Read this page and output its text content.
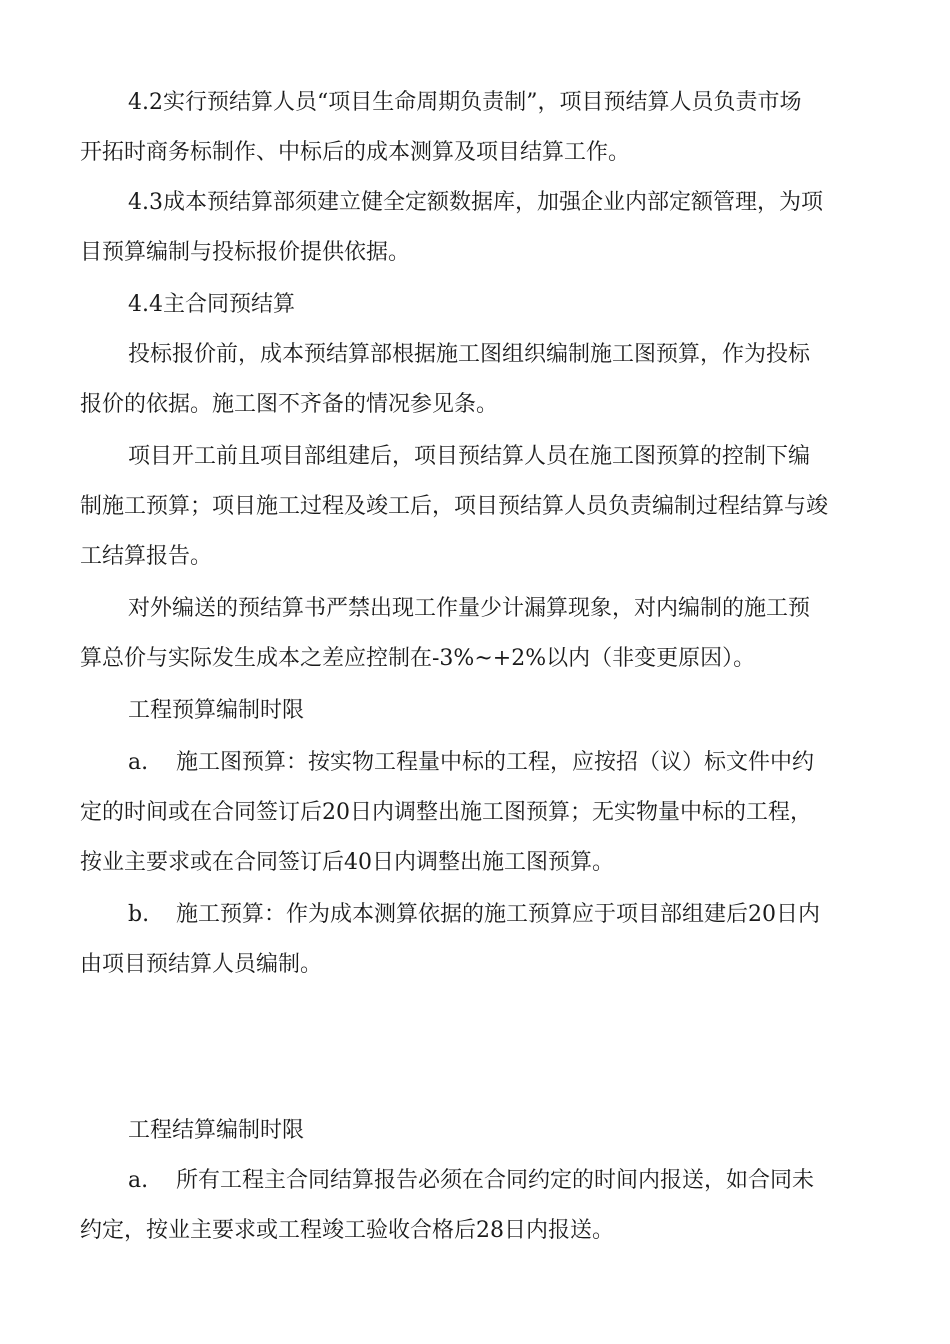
4.2实行预结算人员“项目生命周期负责制”，项目预结算人员负责市场
开拓时商务标制作、中标后的成本测算及项目结算工作。
4.3成本预结算部须建立健全定额数据库，加强企业内部定额管理，为项
目预算编制与投标报价提供依据。
4.4主合同预结算
投标报价前，成本预结算部根据施工图组织编制施工图预算，作为投标
报价的依据。施工图不齐备的情况参见条。
项目开工前且项目部组建后，项目预结算人员在施工图预算的控制下编
制施工预算；项目施工过程及竣工后，项目预结算人员负责编制过程结算与竣
工结算报告。
对外编送的预结算书严禁出现工作量少计漏算现象，对内编制的施工预
算总价与实际发生成本之差应控制在-3%~+2%以内（非变更原因）。
工程预算编制时限
a. 施工图预算：按实物工程量中标的工程，应按招（议）标文件中约
定的时间或在合同签订后20日内调整出施工图预算；无实物量中标的工程，
按业主要求或在合同签订后40日内调整出施工图预算。
b. 施工预算：作为成本测算依据的施工预算应于项目部组建后20日内
由项目预结算人员编制。
工程结算编制时限
a. 所有工程主合同结算报告必须在合同约定的时间内报送，如合同未
约定，按业主要求或工程竣工验收合格后28日内报送。
